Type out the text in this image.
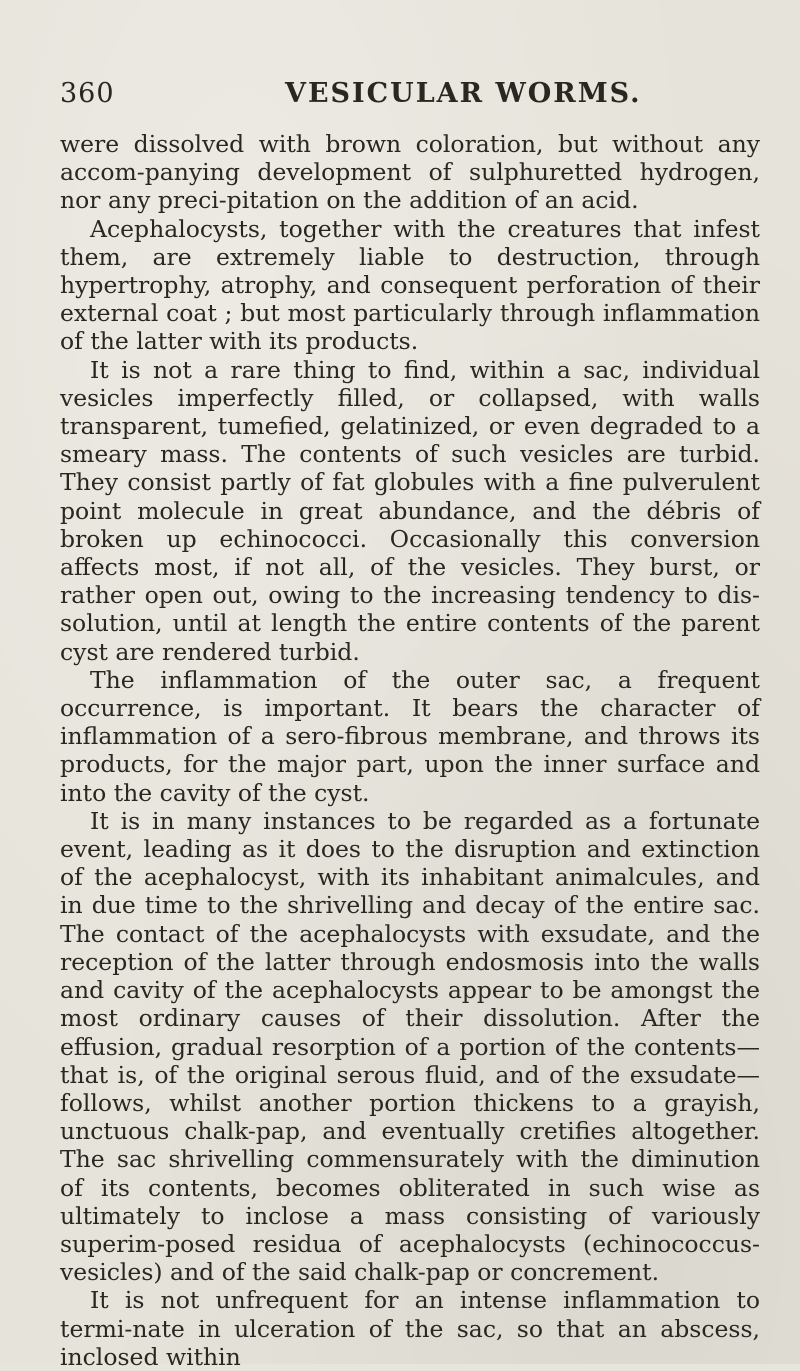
360	VESICULAR WORMS.

were dissolved with brown coloration, but without any accom-panying development of sulphuretted hydrogen, nor any preci-pitation on the addition of an acid.

Acephalocysts, together with the creatures that infest them, are extremely liable to destruction, through hypertrophy, atrophy, and consequent perforation of their external coat ; but most particularly through inflammation of the latter with its products.

It is not a rare thing to find, within a sac, individual vesicles imperfectly filled, or collapsed, with walls transparent, tumefied, gelatinized, or even degraded to a smeary mass. The contents of such vesicles are turbid. They consist partly of fat globules with a fine pulverulent point molecule in great abundance, and the débris of broken up echinococci. Occasionally this conversion affects most, if not all, of the vesicles. They burst, or rather open out, owing to the increasing tendency to dis-solution, until at length the entire contents of the parent cyst are rendered turbid.

The inflammation of the outer sac, a frequent occurrence, is important. It bears the character of inflammation of a sero-fibrous membrane, and throws its products, for the major part, upon the inner surface and into the cavity of the cyst.

It is in many instances to be regarded as a fortunate event, leading as it does to the disruption and extinction of the acephalocyst, with its inhabitant animalcules, and in due time to the shrivelling and decay of the entire sac. The contact of the acephalocysts with exsudate, and the reception of the latter through endosmosis into the walls and cavity of the acephalocysts appear to be amongst the most ordinary causes of their dissolution. After the effusion, gradual resorption of a portion of the contents—that is, of the original serous fluid, and of the exsudate—follows, whilst another portion thickens to a grayish, unctuous chalk-pap, and eventually cretifies altogether. The sac shrivelling commensurately with the diminution of its contents, becomes obliterated in such wise as ultimately to inclose a mass consisting of variously superim-posed residua of acephalocysts (echinococcus-vesicles) and of the said chalk-pap or concrement.

It is not unfrequent for an intense inflammation to termi-nate in ulceration of the sac, so that an abscess, inclosed within
